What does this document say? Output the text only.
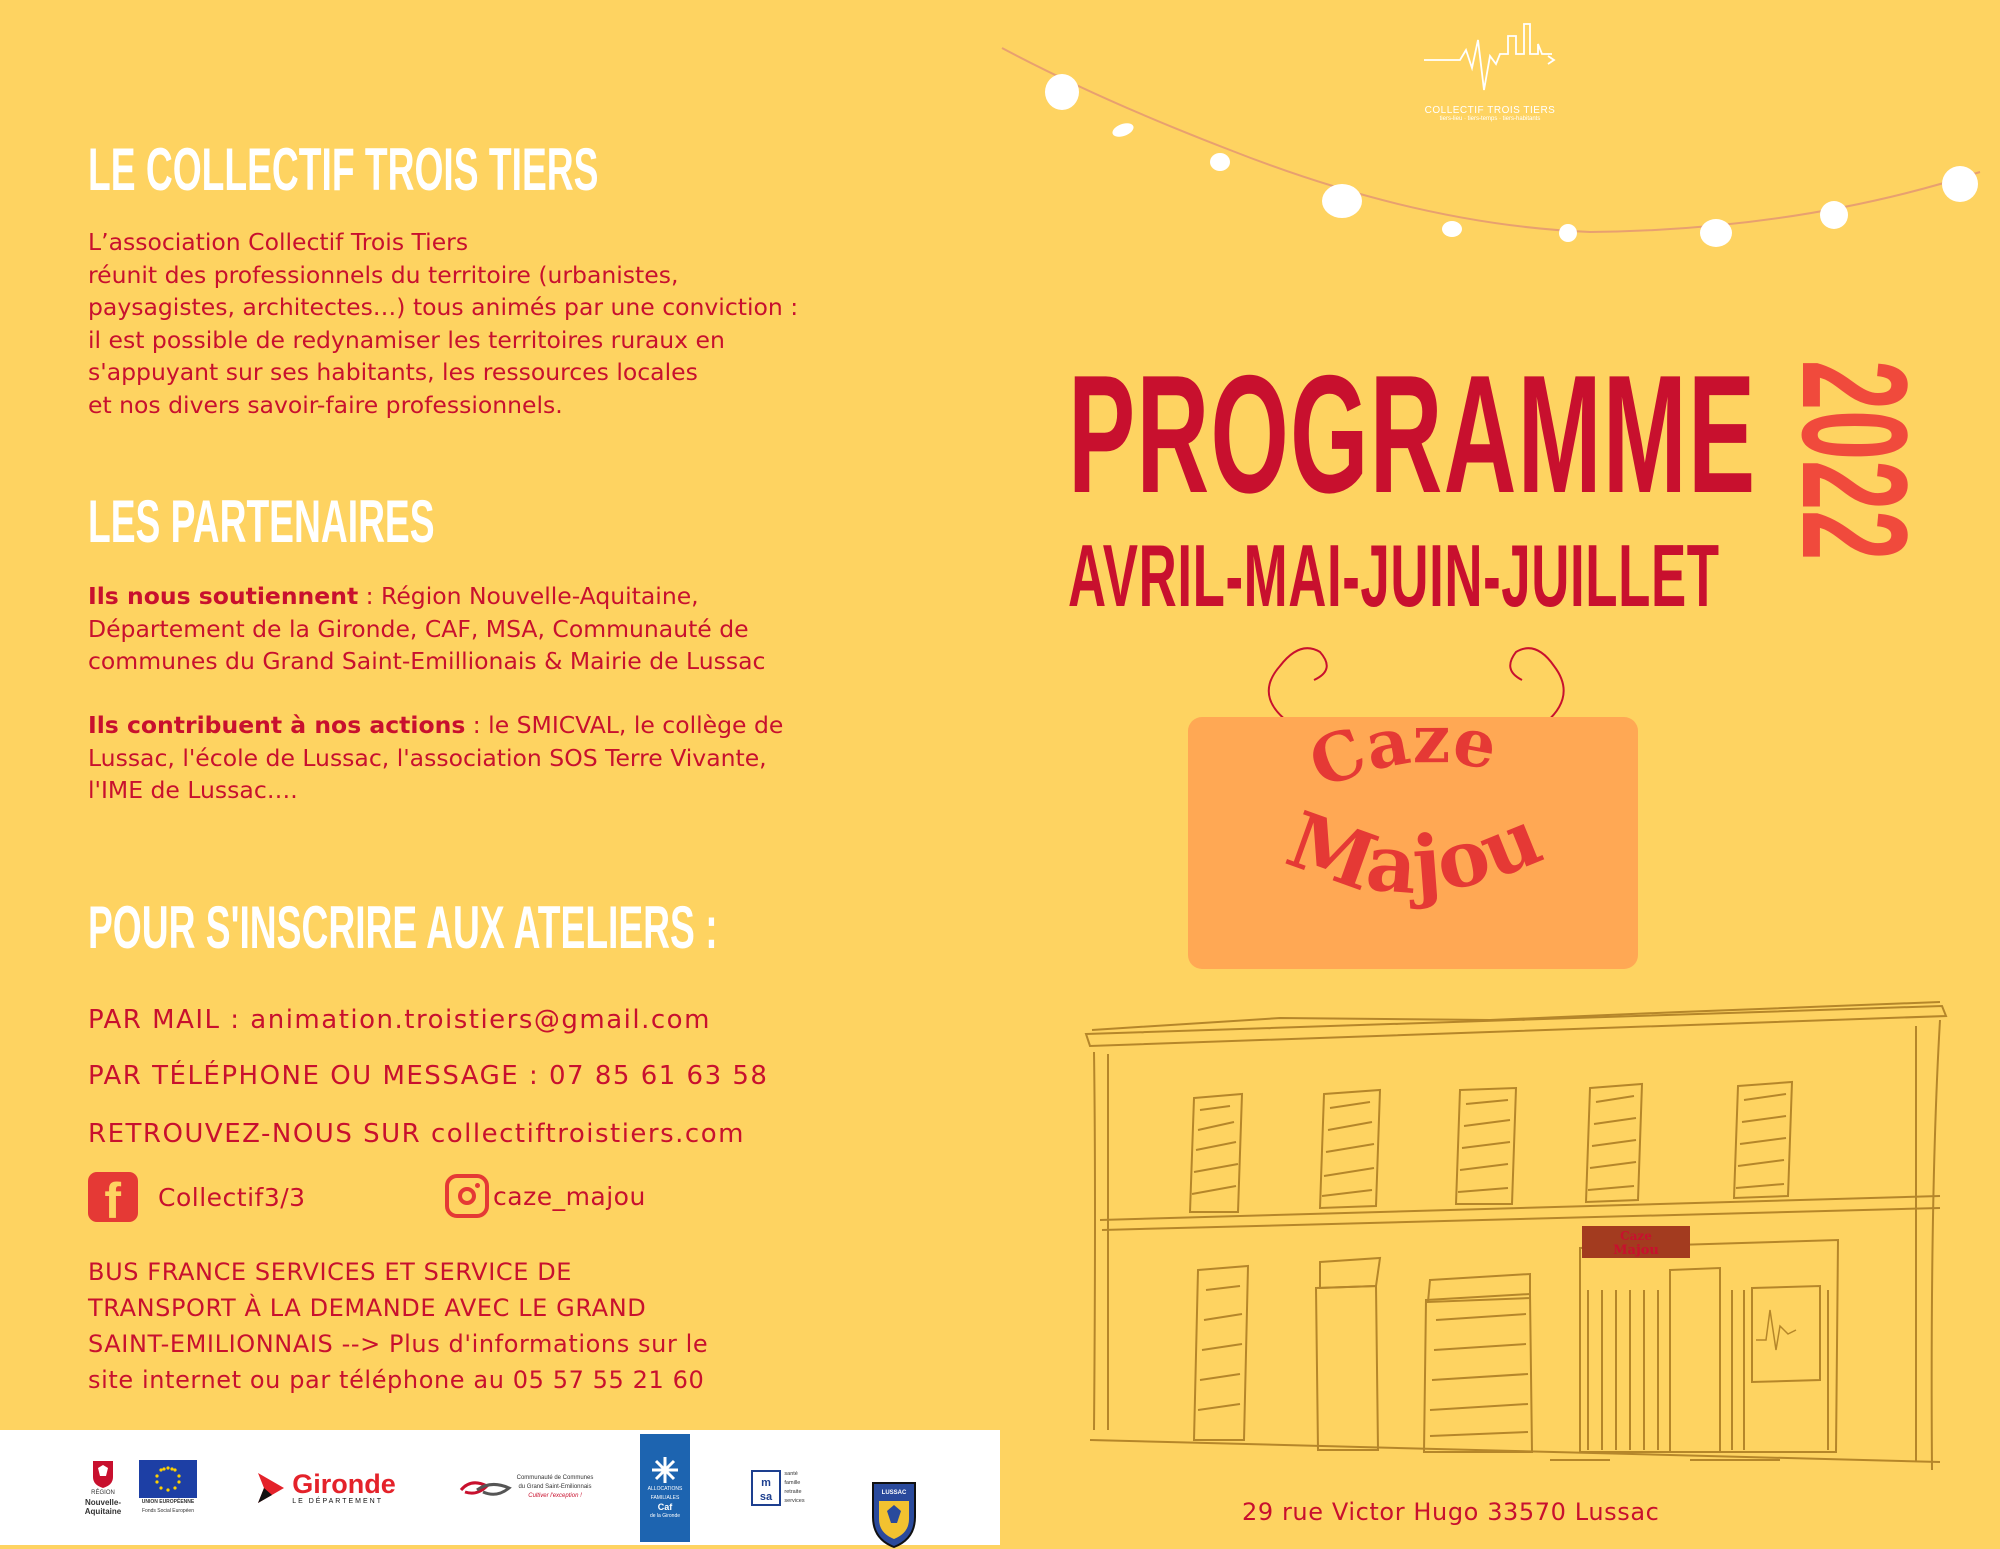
LE COLLECTIF TROIS TIERS
L’association Collectif Trois Tiers
réunit des professionnels du territoire (urbanistes,
paysagistes, architectes…) tous animés par une conviction :
il est possible de redynamiser les territoires ruraux en
s'appuyant sur ses habitants, les ressources locales
et nos divers savoir-faire professionnels.
LES PARTENAIRES
Ils nous soutiennent : Région Nouvelle-Aquitaine,
Département de la Gironde, CAF, MSA, Communauté de
communes du Grand Saint-Emillionais & Mairie de Lussac
Ils contribuent à nos actions : le SMICVAL, le collège de
Lussac, l'école de Lussac, l'association SOS Terre Vivante,
l'IME de Lussac….
POUR S'INSCRIRE AUX ATELIERS :
PAR MAIL : animation.troistiers@gmail.com
PAR TÉLÉPHONE OU MESSAGE : 07 85 61 63 58
RETROUVEZ-NOUS SUR collectiftroistiers.com
f	Collectif3/3	caze_majou
BUS FRANCE SERVICES ET SERVICE DE
TRANSPORT À LA DEMANDE AVEC LE GRAND
SAINT-EMILIONNAIS --> Plus d'informations sur le
site internet ou par téléphone au 05 57 55 21 60
RÉGION
Nouvelle-
Aquitaine
UNION EUROPÉENNE
Fonds Social Européen
Gironde
LE DÉPARTEMENT
Communauté de Communes
du Grand Saint-Emilionnais
Cultiver l'exception !
ALLOCATIONS
FAMILIALES
Caf
de la Gironde
m
sa
santé
famille
retraite
services
LUSSAC
COLLECTIF TROIS TIERS
tiers-lieu · tiers-temps · tiers-habitants
PROGRAMME
AVRIL-MAI-JUIN-JUILLET
2022
Caze
Majou
Caze
Majou
29 rue Victor Hugo 33570 Lussac
